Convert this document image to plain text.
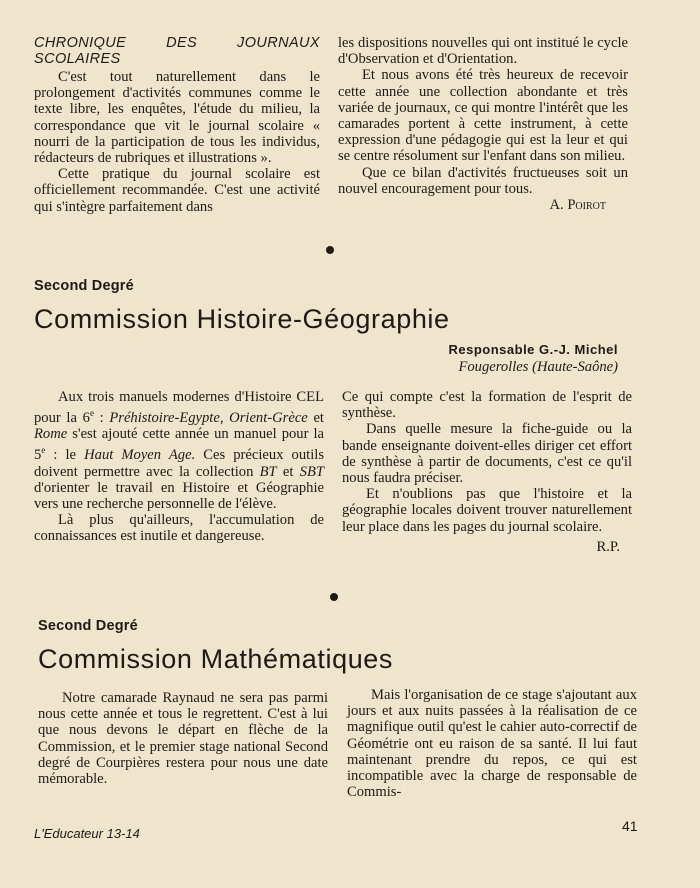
CHRONIQUE DES JOURNAUX SCOLAIRES

C'est tout naturellement dans le prolongement d'activités communes comme le texte libre, les enquêtes, l'étude du milieu, la correspondance que vit le journal scolaire « nourri de la participation de tous les individus, rédacteurs de rubriques et illustrations ».

Cette pratique du journal scolaire est officiellement recommandée. C'est une activité qui s'intègre parfaitement dans

les dispositions nouvelles qui ont institué le cycle d'Observation et d'Orientation.

Et nous avons été très heureux de recevoir cette année une collection abondante et très variée de journaux, ce qui montre l'intérêt que les camarades portent à cette instrument, à cette expression d'une pédagogie qui est la leur et qui se centre résolument sur l'enfant dans son milieu.

Que ce bilan d'activités fructueuses soit un nouvel encouragement pour tous.

A. Poirot
Second Degré
Commission Histoire-Géographie
Responsable G.-J. Michel
Fougerolles (Haute-Saône)

Aux trois manuels modernes d'Histoire CEL pour la 6e : Préhistoire-Egypte, Orient-Grèce et Rome s'est ajouté cette année un manuel pour la 5e : le Haut Moyen Age. Ces précieux outils doivent permettre avec la collection BT et SBT d'orienter le travail en Histoire et Géographie vers une recherche personnelle de l'élève.

Là plus qu'ailleurs, l'accumulation de connaissances est inutile et dangereuse.

Ce qui compte c'est la formation de l'esprit de synthèse.

Dans quelle mesure la fiche-guide ou la bande enseignante doivent-elles diriger cet effort de synthèse à partir de documents, c'est ce qu'il nous faudra préciser.

Et n'oublions pas que l'histoire et la géographie locales doivent trouver naturellement leur place dans les pages du journal scolaire.

R.P.
Second Degré
Commission Mathématiques

Notre camarade Raynaud ne sera pas parmi nous cette année et tous le regrettent. C'est à lui que nous devons le départ en flèche de la Commission, et le premier stage national Second degré de Courpières restera pour nous une date mémorable.

Mais l'organisation de ce stage s'ajoutant aux jours et aux nuits passées à la réalisation de ce magnifique outil qu'est le cahier auto-correctif de Géométrie ont eu raison de sa santé. Il lui faut maintenant prendre du repos, ce qui est incompatible avec la charge de responsable de Commis-

L'Educateur 13-14	41
